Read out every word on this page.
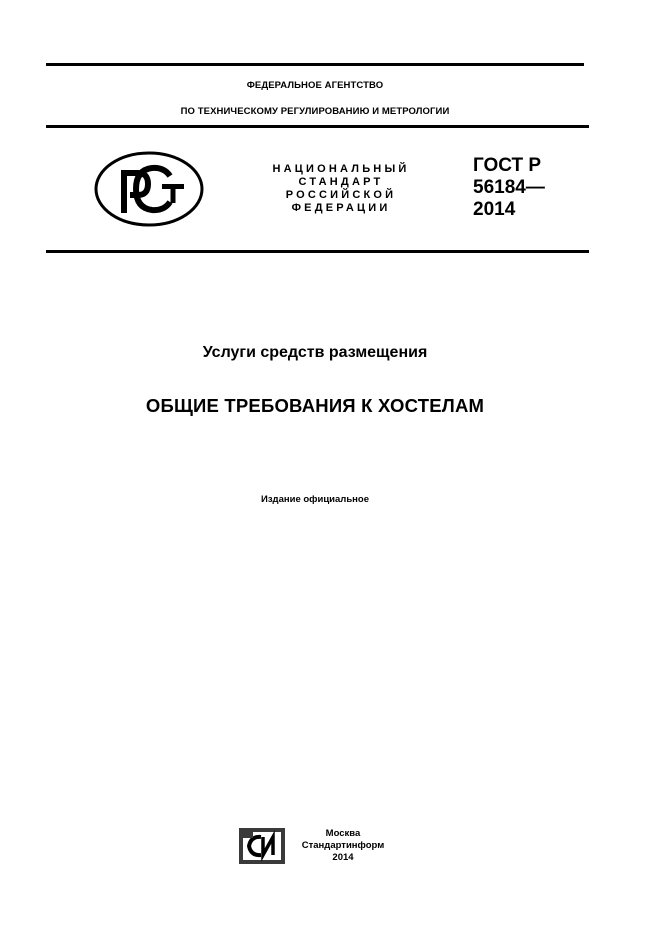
ФЕДЕРАЛЬНОЕ АГЕНТСТВО
ПО ТЕХНИЧЕСКОМУ РЕГУЛИРОВАНИЮ И МЕТРОЛОГИИ
НАЦИОНАЛЬНЫЙ
СТАНДАРТ
РОССИЙСКОЙ
ФЕДЕРАЦИИ
ГОСТ Р
56184—
2014
Услуги средств размещения
ОБЩИЕ ТРЕБОВАНИЯ К ХОСТЕЛАМ
Издание официальное
Москва
Стандартинформ
2014
